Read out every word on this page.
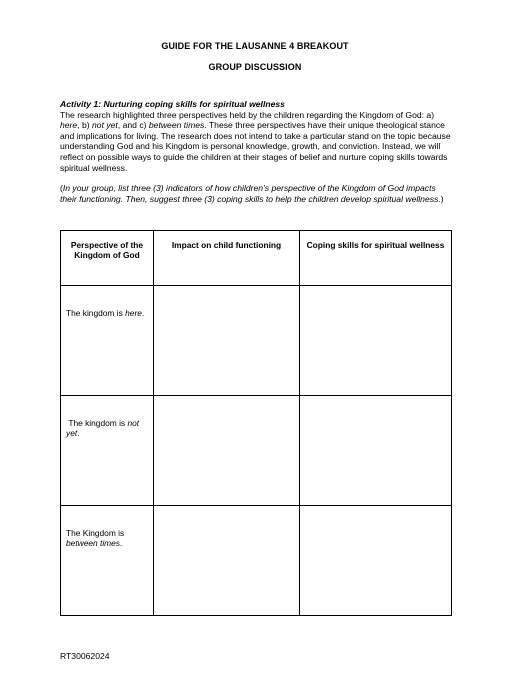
GUIDE FOR THE LAUSANNE 4 BREAKOUT
GROUP DISCUSSION
Activity 1: Nurturing coping skills for spiritual wellness

The research highlighted three perspectives held by the children regarding the Kingdom of God: a) here, b) not yet, and c) between times. These three perspectives have their unique theological stance and implications for living. The research does not intend to take a particular stand on the topic because understanding God and his Kingdom is personal knowledge, growth, and conviction. Instead, we will reflect on possible ways to guide the children at their stages of belief and nurture coping skills towards spiritual wellness.

(In your group, list three (3) indicators of how children’s perspective of the Kingdom of God impacts their functioning. Then, suggest three (3) coping skills to help the children develop spiritual wellness.)
Perspective of the Kingdom of God	Impact on child functioning	Coping skills for spiritual wellness

The kingdom is here.		

The kingdom is not yet.		

The Kingdom is between times.		

RT30062024
